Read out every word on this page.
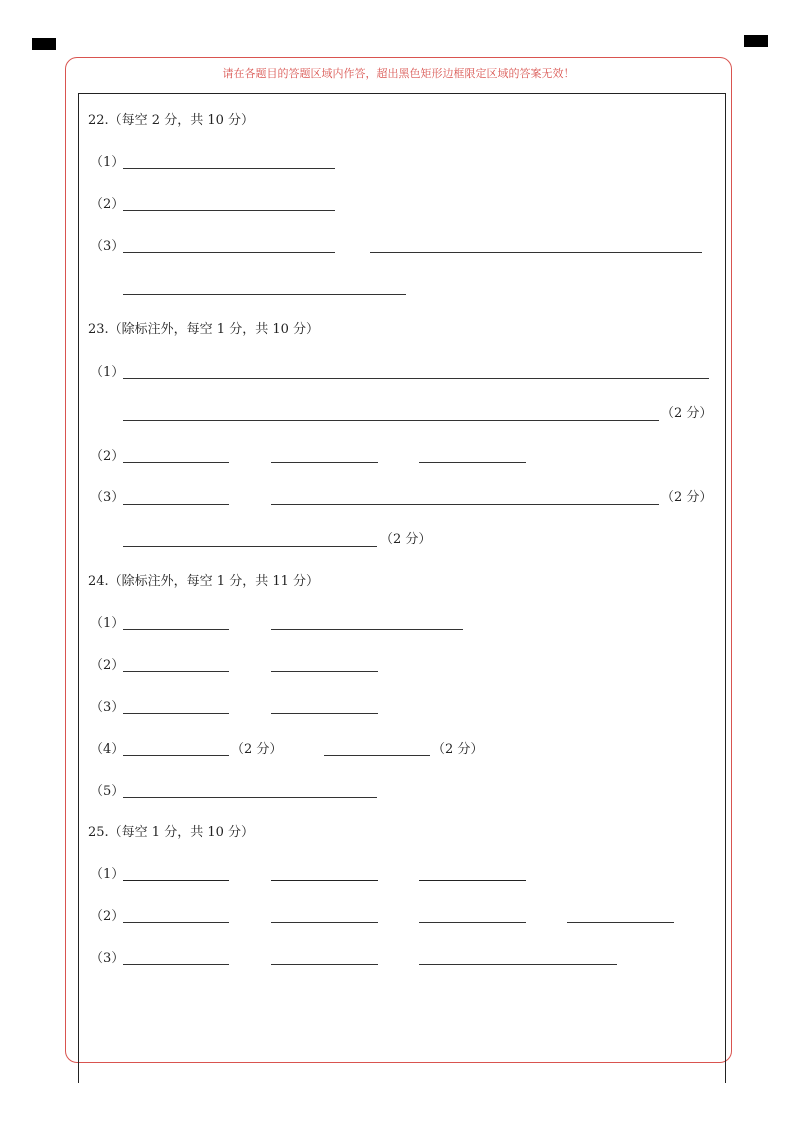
请在各题目的答题区域内作答，超出黑色矩形边框限定区域的答案无效！
22.（每空 2 分，共 10 分）
（1）
（2）
（3）
23.（除标注外，每空 1 分，共 10 分）
（1）
（2 分）
（2）
（3）	（2 分）
（2 分）
24.（除标注外，每空 1 分，共 11 分）
（1）
（2）
（3）
（4）	（2 分）	（2 分）
（5）
25.（每空 1 分，共 10 分）
（1）
（2）
（3）
